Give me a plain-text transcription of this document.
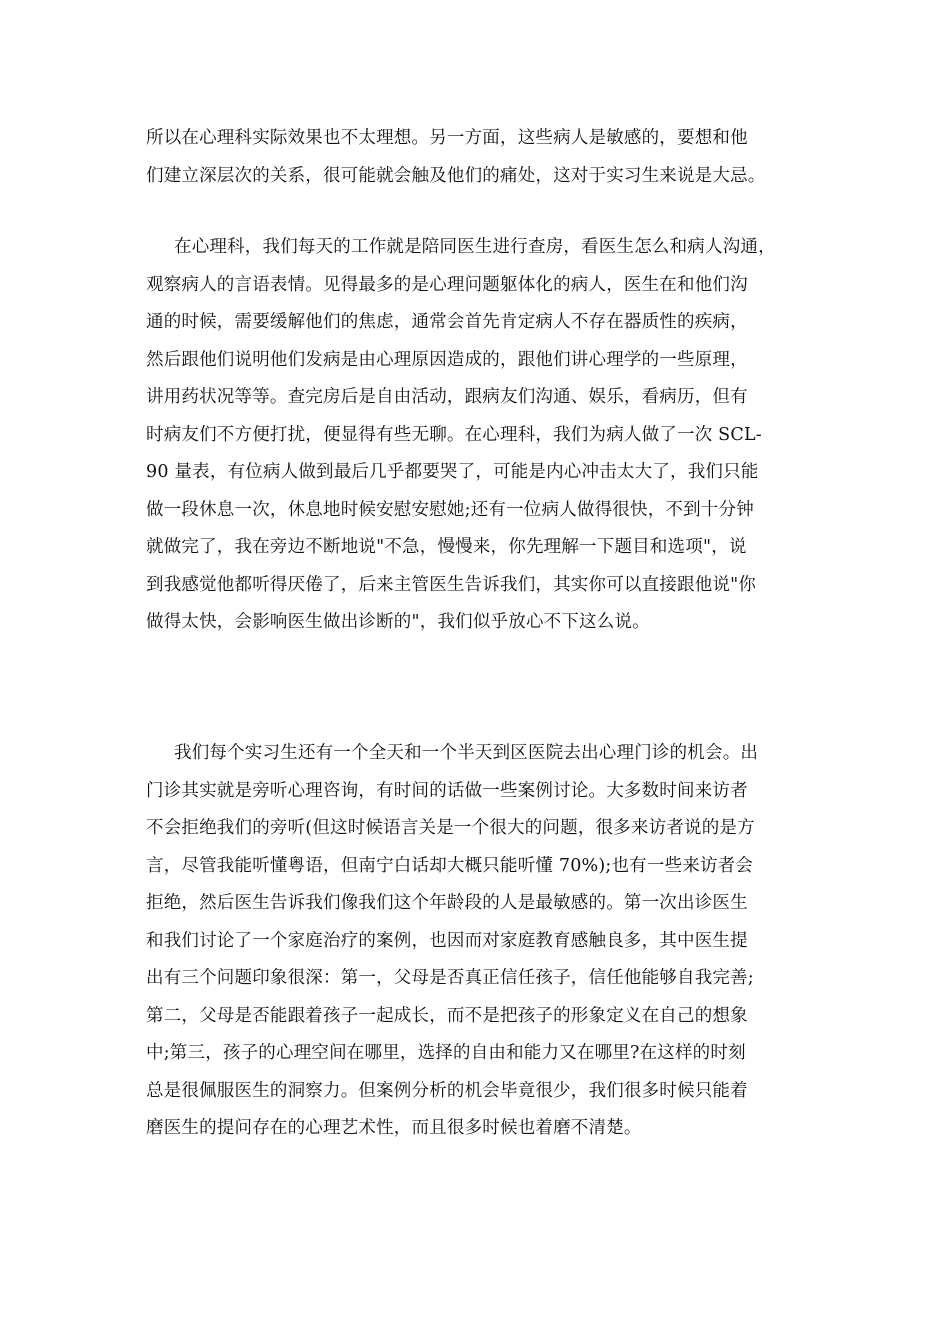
所以在心理科实际效果也不太理想。另一方面，这些病人是敏感的，要想和他
们建立深层次的关系，很可能就会触及他们的痛处，这对于实习生来说是大忌。
在心理科，我们每天的工作就是陪同医生进行查房，看医生怎么和病人沟通，
观察病人的言语表情。见得最多的是心理问题躯体化的病人，医生在和他们沟
通的时候，需要缓解他们的焦虑，通常会首先肯定病人不存在器质性的疾病，
然后跟他们说明他们发病是由心理原因造成的，跟他们讲心理学的一些原理，
讲用药状况等等。查完房后是自由活动，跟病友们沟通、娱乐，看病历，但有
时病友们不方便打扰，便显得有些无聊。在心理科，我们为病人做了一次 SCL-
90 量表，有位病人做到最后几乎都要哭了，可能是内心冲击太大了，我们只能
做一段休息一次，休息地时候安慰安慰她;还有一位病人做得很快，不到十分钟
就做完了，我在旁边不断地说"不急，慢慢来，你先理解一下题目和选项"，说
到我感觉他都听得厌倦了，后来主管医生告诉我们，其实你可以直接跟他说"你
做得太快，会影响医生做出诊断的"，我们似乎放心不下这么说。
我们每个实习生还有一个全天和一个半天到区医院去出心理门诊的机会。出
门诊其实就是旁听心理咨询，有时间的话做一些案例讨论。大多数时间来访者
不会拒绝我们的旁听(但这时候语言关是一个很大的问题，很多来访者说的是方
言，尽管我能听懂粤语，但南宁白话却大概只能听懂 70%);也有一些来访者会
拒绝，然后医生告诉我们像我们这个年龄段的人是最敏感的。第一次出诊医生
和我们讨论了一个家庭治疗的案例，也因而对家庭教育感触良多，其中医生提
出有三个问题印象很深：第一，父母是否真正信任孩子，信任他能够自我完善;
第二，父母是否能跟着孩子一起成长，而不是把孩子的形象定义在自己的想象
中;第三，孩子的心理空间在哪里，选择的自由和能力又在哪里?在这样的时刻
总是很佩服医生的洞察力。但案例分析的机会毕竟很少，我们很多时候只能着
磨医生的提问存在的心理艺术性，而且很多时候也着磨不清楚。
